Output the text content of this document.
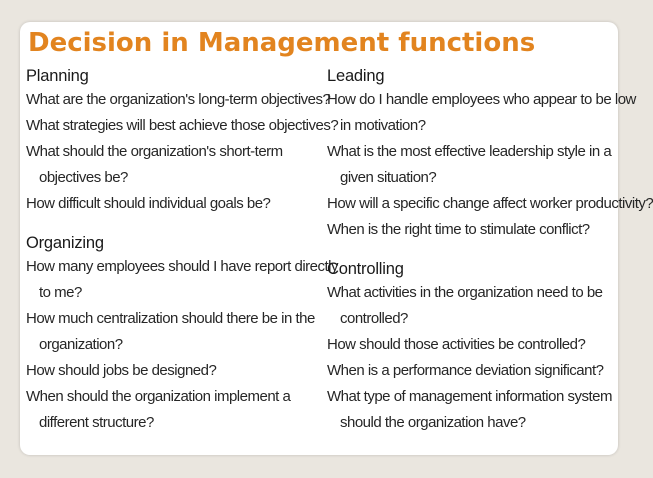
Decision in Management functions
Planning
What are the organization's long-term objectives?
What strategies will best achieve those objectives?
What should the organization's short-term
objectives be?
How difficult should individual goals be?
Organizing
How many employees should I have report directly
to me?
How much centralization should there be in the
organization?
How should jobs be designed?
When should the organization implement a
different structure?
Leading
How do I handle employees who appear to be low
in motivation?
What is the most effective leadership style in a
given situation?
How will a specific change affect worker productivity?
When is the right time to stimulate conflict?
Controlling
What activities in the organization need to be
controlled?
How should those activities be controlled?
When is a performance deviation significant?
What type of management information system
should the organization have?
